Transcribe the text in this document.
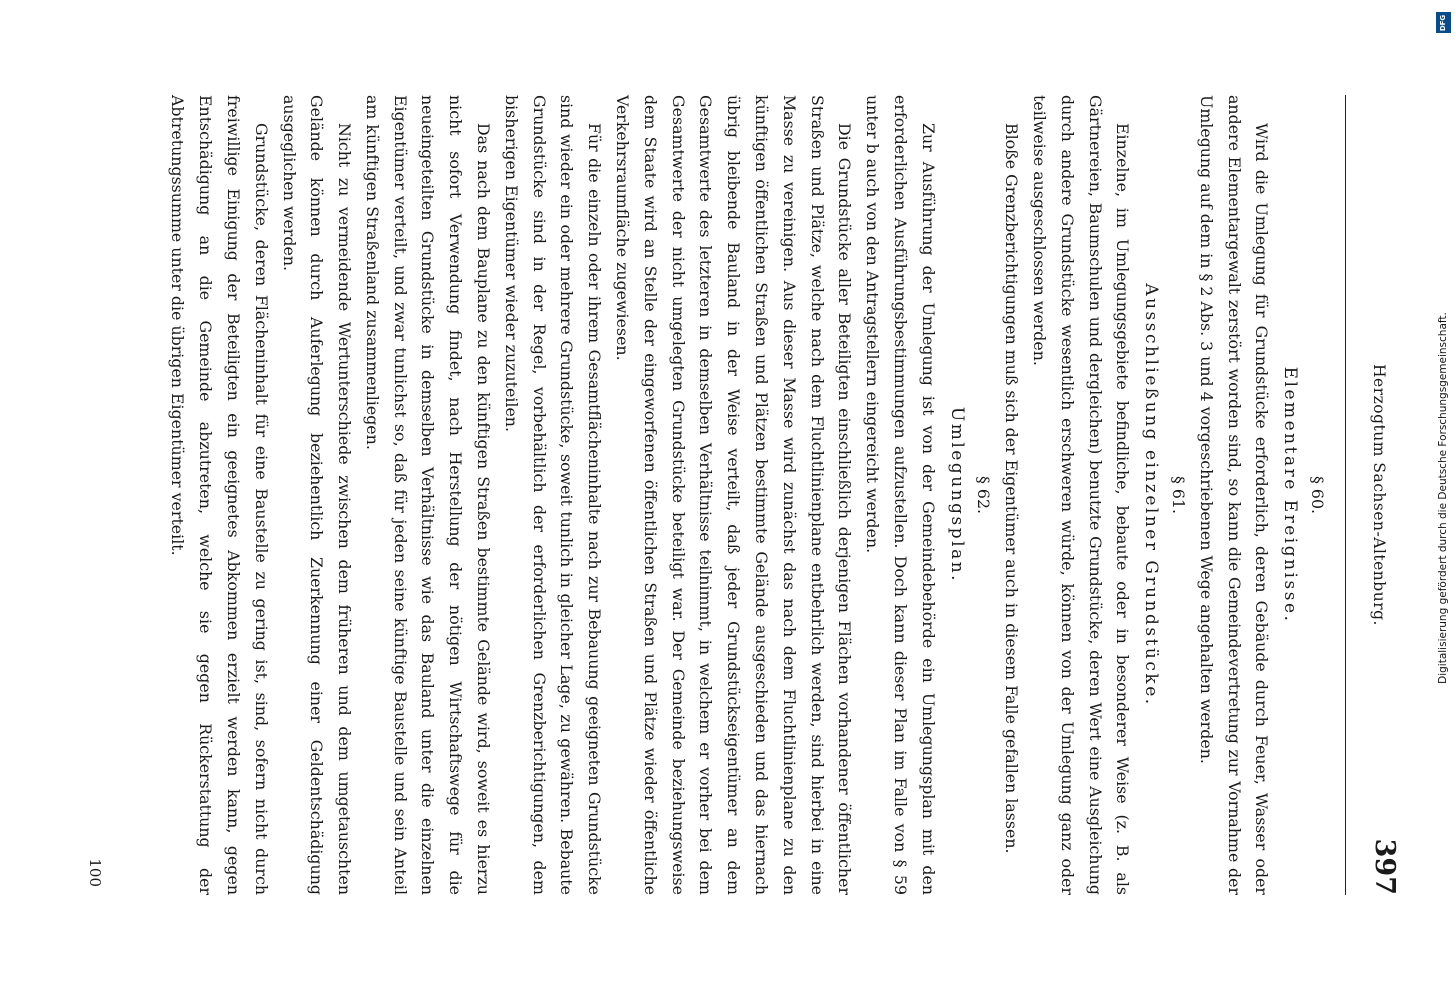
Herzogtum Sachsen-Altenburg.
397
§ 60.
Elementare Ereignisse.

Wird die Umlegung für Grundstücke erforderlich, deren Gebäude durch Feuer, Wasser oder andere Elementargewalt zerstört worden sind, so kann die Gemeindevertretung zur Vornahme der Umlegung auf dem in § 2 Abs. 3 und 4 vorgeschriebenen Wege angehalten werden.

§ 61.
Ausschließung einzelner Grundstücke.

Einzelne, im Umlegungsgebiete befindliche, bebaute oder in besonderer Weise (z. B. als Gärtnereien, Baumschulen und dergleichen) benutzte Grundstücke, deren Wert eine Ausgleichung durch andere Grundstücke wesentlich erschweren würde, können von der Umlegung ganz oder teilweise ausgeschlossen werden.

Bloße Grenzberichtigungen muß sich der Eigentümer auch in diesem Falle gefallen lassen.

§ 62.
Umlegungsplan.

Zur Ausführung der Umlegung ist von der Gemeindebehörde ein Umlegungsplan mit den erforderlichen Ausführungsbestimmungen aufzustellen. Doch kann dieser Plan im Falle von § 59 unter b auch von den Antragstellern eingereicht werden.

Die Grundstücke aller Beteiligten einschließlich derjenigen Flächen vorhandener öffentlicher Straßen und Plätze, welche nach dem Fluchtlinienplane entbehrlich werden, sind hierbei in eine Masse zu vereinigen. Aus dieser Masse wird zunächst das nach dem Fluchtlinienplane zu den künftigen öffentlichen Straßen und Plätzen bestimmte Gelände ausgeschieden und das hiernach übrig bleibende Bauland in der Weise verteilt, daß jeder Grundstückseigentümer an dem Gesamtwerte des letzteren in demselben Verhältnisse teilnimmt, in welchem er vorher bei dem Gesamtwerte der nicht umgelegten Grundstücke beteiligt war. Der Gemeinde beziehungsweise dem Staate wird an Stelle der eingeworfenen öffentlichen Straßen und Plätze wieder öffentliche Verkehrsraumfläche zugewiesen.

Für die einzeln oder ihrem Gesamtflächeninhalte nach zur Bebauung geeigneten Grundstücke sind wieder ein oder mehrere Grundstücke, soweit tunlich in gleicher Lage, zu gewähren. Bebaute Grundstücke sind in der Regel, vorbehältlich der erforderlichen Grenzberichtigungen, dem bisherigen Eigentümer wieder zuzuteilen.

Das nach dem Bauplane zu den künftigen Straßen bestimmte Gelände wird, soweit es hierzu nicht sofort Verwendung findet, nach Herstellung der nötigen Wirtschaftswege für die neueingeteilten Grundstücke in demselben Verhältnisse wie das Bauland unter die einzelnen Eigentümer verteilt, und zwar tunlichst so, daß für jeden seine künftige Baustelle und sein Anteil am künftigen Straßenland zusammenliegen.

Nicht zu vermeidende Wertunterschiede zwischen dem früheren und dem umgetauschten Gelände können durch Auferlegung beziehentlich Zuerkennung einer Geldentschädigung ausgeglichen werden.

Grundstücke, deren Flächeninhalt für eine Baustelle zu gering ist, sind, sofern nicht durch freiwillige Einigung der Beteiligten ein geeignetes Abkommen erzielt werden kann, gegen Entschädigung an die Gemeinde abzutreten, welche sie gegen Rückerstattung der Abtretungssumme unter die übrigen Eigentümer verteilt.

100
Digitalisierung gefördert durch die Deutsche Forschungsgemeinschaft.
DFG
